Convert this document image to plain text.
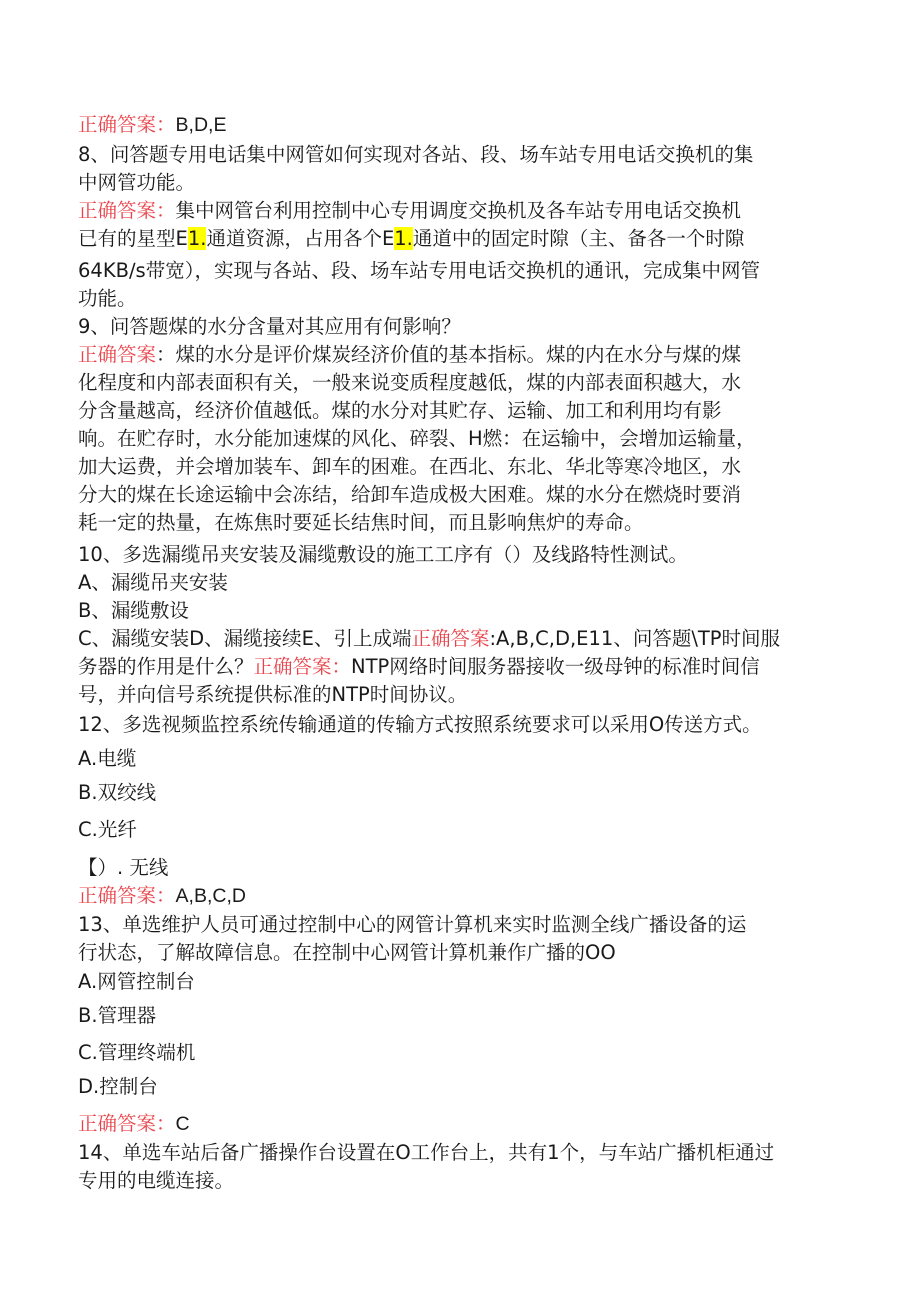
正确答案：B,D,E
8、问答题专用电话集中网管如何实现对各站、段、场车站专用电话交换机的集
中网管功能。
正确答案：集中网管台利用控制中心专用调度交换机及各车站专用电话交换机
已有的星型E1.通道资源，占用各个E1.通道中的固定时隙（主、备各一个时隙
64KB∕s带宽），实现与各站、段、场车站专用电话交换机的通讯，完成集中网管
功能。
9、问答题煤的水分含量对其应用有何影响？
正确答案：煤的水分是评价煤炭经济价值的基本指标。煤的内在水分与煤的煤
化程度和内部表面积有关，一般来说变质程度越低，煤的内部表面积越大，水
分含量越高，经济价值越低。煤的水分对其贮存、运输、加工和利用均有影
响。在贮存时，水分能加速煤的风化、碎裂、H燃：在运输中，会增加运输量，
加大运费，并会增加装车、卸车的困难。在西北、东北、华北等寒冷地区，水
分大的煤在长途运输中会冻结，给卸车造成极大困难。煤的水分在燃烧时要消
耗一定的热量，在炼焦时要延长结焦时间，而且影响焦炉的寿命。
10、多选漏缆吊夹安装及漏缆敷设的施工工序有（）及线路特性测试。
A、漏缆吊夹安装
B、漏缆敷设
C、漏缆安装D、漏缆接续E、引上成端正确答案:A,B,C,D,E11、问答题\TP时间服
务器的作用是什么？正确答案：NTP网络时间服务器接收一级母钟的标准时间信
号，并向信号系统提供标准的NTP时间协议。
12、多选视频监控系统传输通道的传输方式按照系统要求可以采用O传送方式。
A.电缆
B.双绞线
C.光纤
【）. 无线
正确答案：A,B,C,D
13、单选维护人员可通过控制中心的网管计算机来实时监测全线广播设备的运
行状态，了解故障信息。在控制中心网管计算机兼作广播的OO
A.网管控制台
B.管理器
C.管理终端机
D.控制台
正确答案：C
14、单选车站后备广播操作台设置在O工作台上，共有1个，与车站广播机柜通过
专用的电缆连接。
